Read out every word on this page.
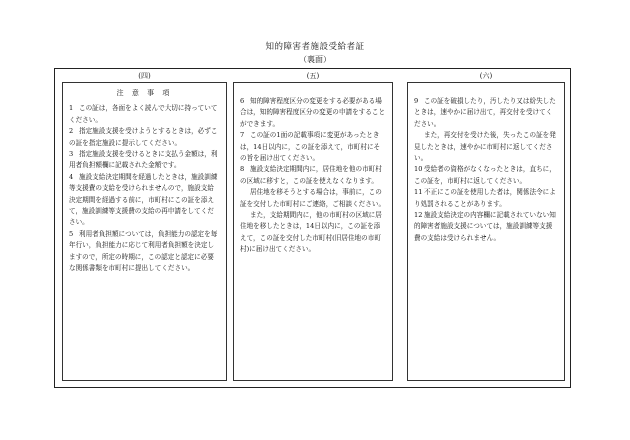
知的障害者施設受給者証
（裏面）
(四)
注 意 事 項
1 この証は，各面をよく読んで大切に持っていてください。
2 指定施設支援を受けようとするときは，必ずこの証を指定施設に提示してください。
3 指定施設支援を受けるときに支払う金額は，利用者負担額欄に記載された金額です。
4 施設支給決定期間を経過したときは，施設訓練等支援費の支給を受けられませんので，施設支給決定期間を経過する前に，市町村にこの証を添えて，施設訓練等支援費の支給の再申請をしてください。
5 利用者負担額については，負担能力の認定を毎年行い，負担能力に応じて利用者負担額を決定しますので，所定の時期に，この認定と認定に必要な関係書類を市町村に提出してください。
(五)
6 知的障害程度区分の変更をする必要がある場合は，知的障害程度区分の変更の申請をすることができます。
7 この証の1面の記載事項に変更があったときは，14日以内に，この証を添えて，市町村にその旨を届け出てください。
8 施設支給決定期間内に，居住地を他の市町村の区域に移すと，この証を使えなくなります。
居住地を移そうとする場合は，事前に，この証を交付した市町村にご連絡，ご相談ください。
また，支給期間内に，他の市町村の区域に居住地を移したときは，14日以内に，この証を添えて，この証を交付した市町村(旧居住地の市町村)に届け出てください。
(六)
9 この証を破損したり，汚したり又は紛失したときは，速やかに届け出て，再交付を受けてください。
また，再交付を受けた後，失ったこの証を発見したときは，速やかに市町村に返してください。
10 受給者の資格がなくなったときは，直ちに，この証を，市町村に返してください。
11 不正にこの証を使用した者は，関係法令により処罰されることがあります。
12 施設支給決定の内容欄に記載されていない知的障害者施設支援については，施設訓練等支援費の支給は受けられません。
